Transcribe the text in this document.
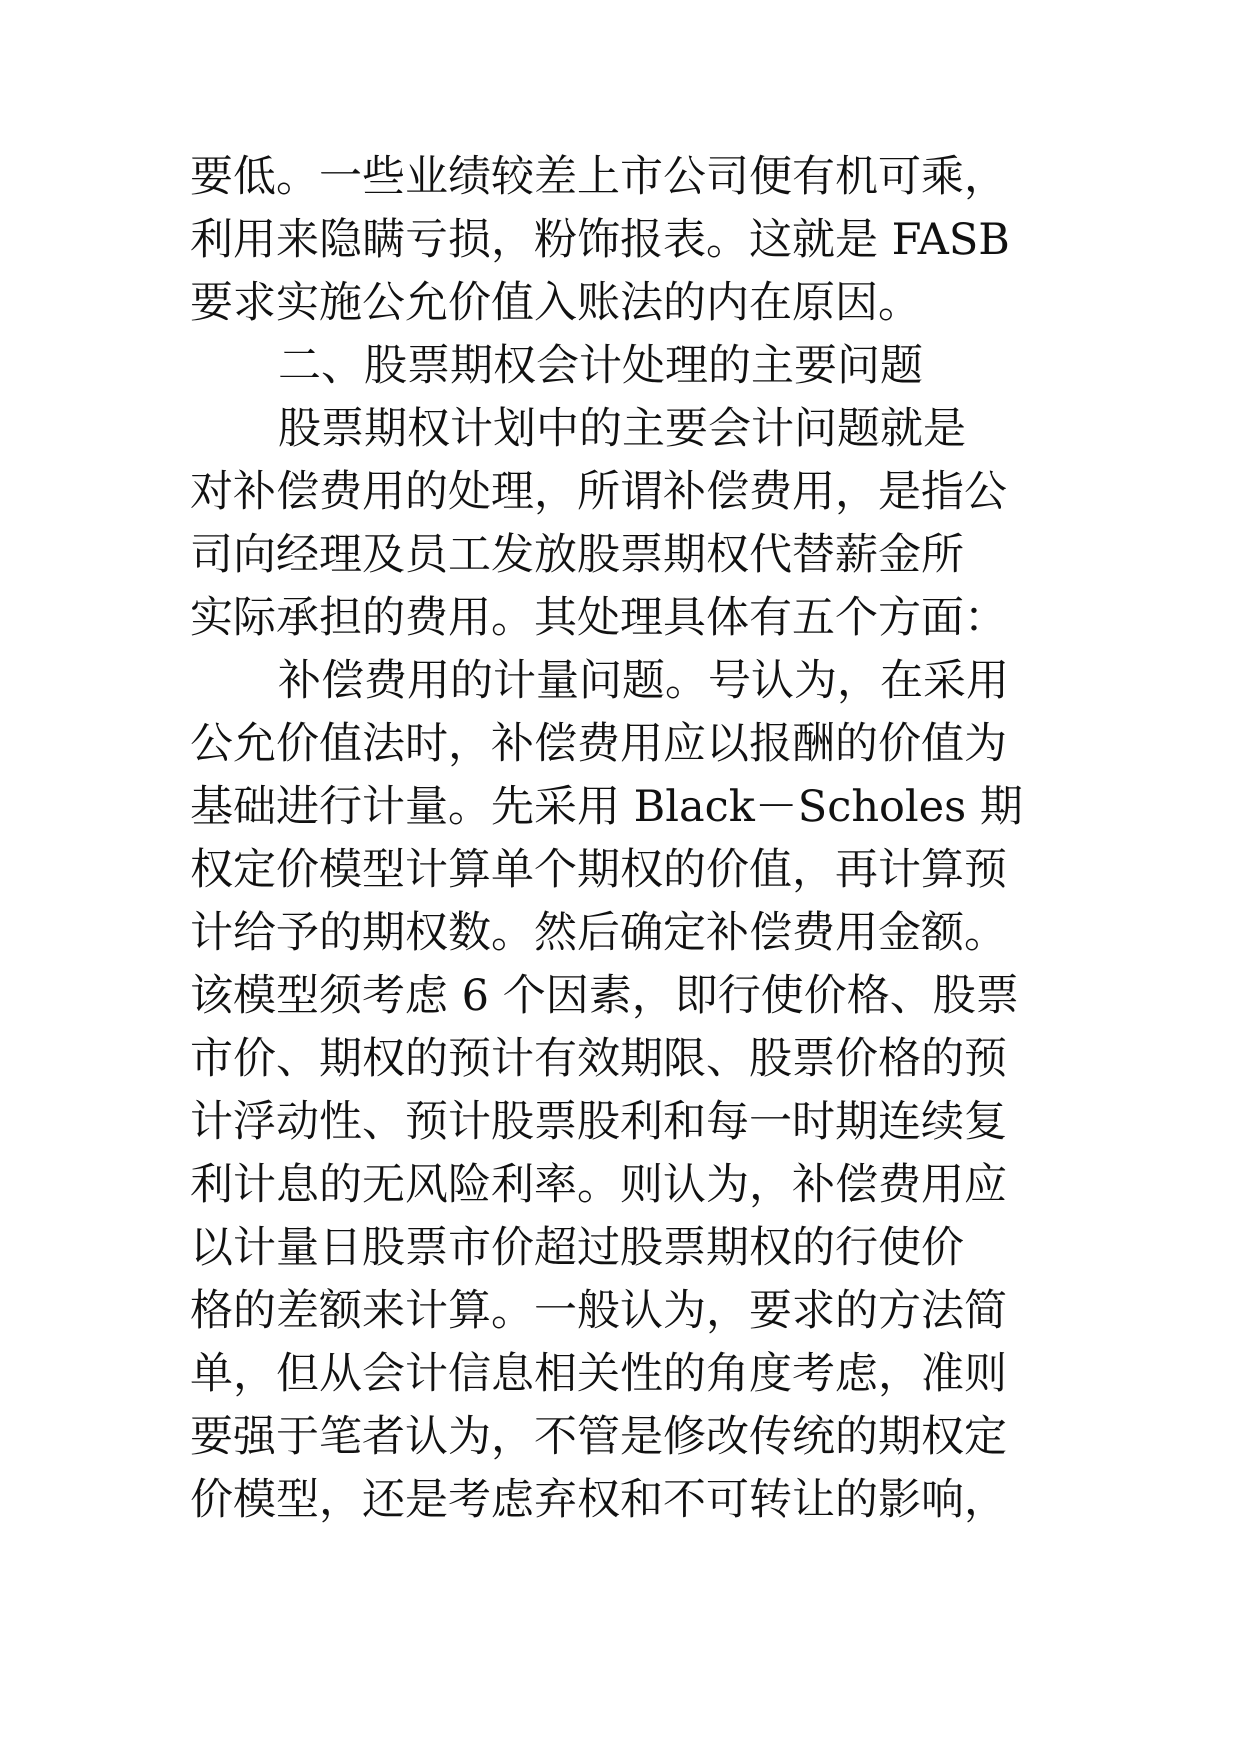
要低。一些业绩较差上市公司便有机可乘，
利用来隐瞒亏损，粉饰报表。这就是 FASB
要求实施公允价值入账法的内在原因。
二、股票期权会计处理的主要问题
股票期权计划中的主要会计问题就是
对补偿费用的处理，所谓补偿费用，是指公
司向经理及员工发放股票期权代替薪金所
实际承担的费用。其处理具体有五个方面：
补偿费用的计量问题。号认为，在采用
公允价值法时，补偿费用应以报酬的价值为
基础进行计量。先采用 Black－Scholes 期
权定价模型计算单个期权的价值，再计算预
计给予的期权数。然后确定补偿费用金额。
该模型须考虑 6 个因素，即行使价格、股票
市价、期权的预计有效期限、股票价格的预
计浮动性、预计股票股利和每一时期连续复
利计息的无风险利率。则认为，补偿费用应
以计量日股票市价超过股票期权的行使价
格的差额来计算。一般认为，要求的方法简
单，但从会计信息相关性的角度考虑，准则
要强于笔者认为，不管是修改传统的期权定
价模型，还是考虑弃权和不可转让的影响，
